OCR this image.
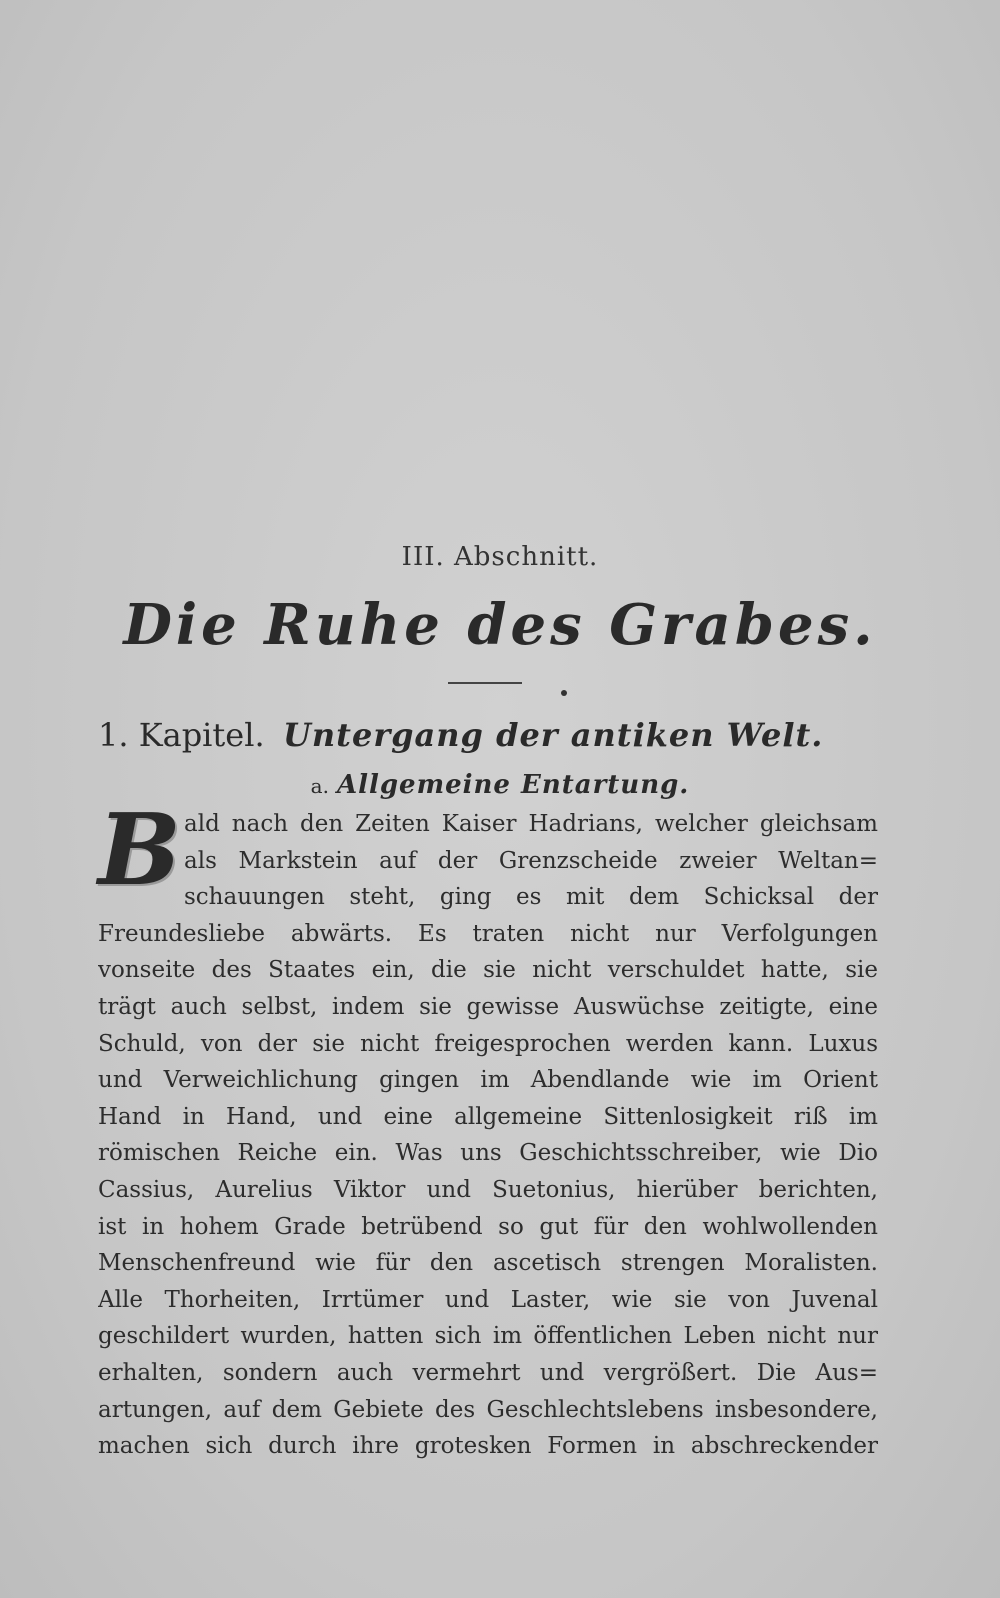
III. Abschnitt.
Die Ruhe des Grabes.
1. Kapitel. Untergang der antiken Welt.
a. Allgemeine Entartung.
B ald nach den Zeiten Kaiser Hadrians, welcher gleichsam
als Markstein auf der Grenzscheide zweier Weltan=
schauungen steht, ging es mit dem Schicksal der
Freundesliebe abwärts. Es traten nicht nur Verfolgungen
vonseite des Staates ein, die sie nicht verschuldet hatte, sie
trägt auch selbst, indem sie gewisse Auswüchse zeitigte, eine
Schuld, von der sie nicht freigesprochen werden kann. Luxus
und Verweichlichung gingen im Abendlande wie im Orient
Hand in Hand, und eine allgemeine Sittenlosigkeit riß im
römischen Reiche ein. Was uns Geschichtsschreiber, wie Dio
Cassius, Aurelius Viktor und Suetonius, hierüber berichten,
ist in hohem Grade betrübend so gut für den wohlwollenden
Menschenfreund wie für den ascetisch strengen Moralisten.
Alle Thorheiten, Irrtümer und Laster, wie sie von Juvenal
geschildert wurden, hatten sich im öffentlichen Leben nicht nur
erhalten, sondern auch vermehrt und vergrößert. Die Aus=
artungen, auf dem Gebiete des Geschlechtslebens insbesondere,
machen sich durch ihre grotesken Formen in abschreckender
